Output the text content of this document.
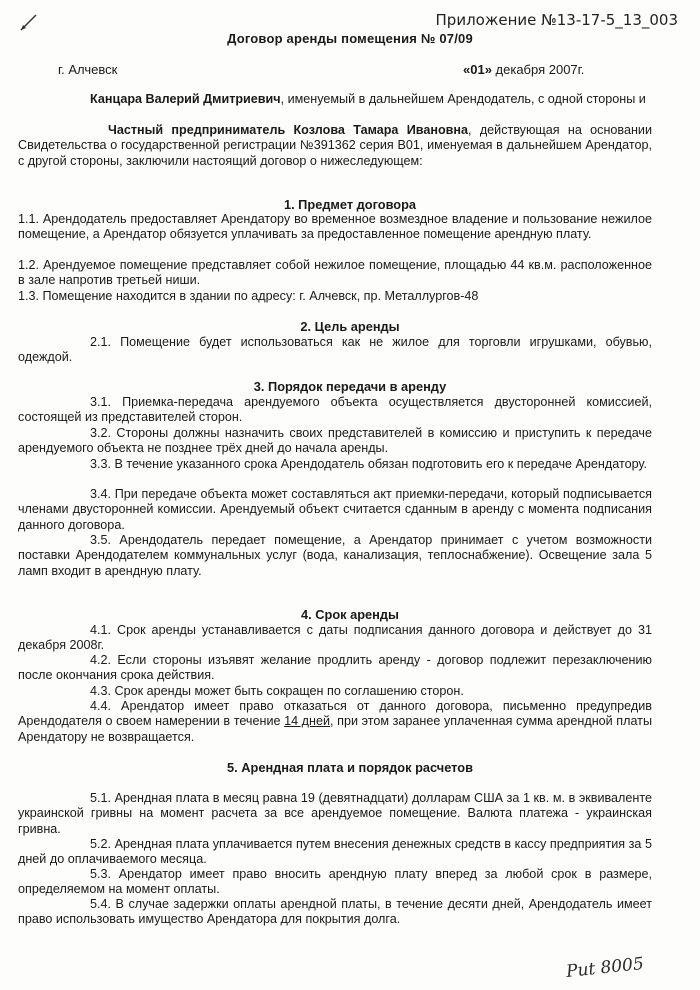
Приложение №13-17-5_13_003
Договор аренды помещения № 07/09
г. Алчевск	«01» декабря 2007г.
Канцара Валерий Дмитриевич, именуемый в дальнейшем Арендодатель, с одной стороны и
Частный предприниматель Козлова Тамара Ивановна, действующая на основании Свидетельства о государственной регистрации №391362 серия В01, именуемая в дальнейшем Арендатор, с другой стороны, заключили настоящий договор о нижеследующем:
1. Предмет договора
1.1. Арендодатель предоставляет Арендатору во временное возмездное владение и пользование нежилое помещение, а Арендатор обязуется уплачивать за предоставленное помещение арендную плату.
1.2. Арендуемое помещение представляет собой нежилое помещение, площадью 44 кв.м. расположенное в зале напротив третьей ниши.
1.3. Помещение находится в здании по адресу: г. Алчевск, пр. Металлургов-48
2. Цель аренды
2.1. Помещение будет использоваться как не жилое для торговли игрушками, обувью, одеждой.
3. Порядок передачи в аренду
3.1. Приемка-передача арендуемого объекта осуществляется двусторонней комиссией, состоящей из представителей сторон.
3.2. Стороны должны назначить своих представителей в комиссию и приступить к передаче арендуемого объекта не позднее трёх дней до начала аренды.
3.3. В течение указанного срока Арендодатель обязан подготовить его к передаче Арендатору.
3.4. При передаче объекта может составляться акт приемки-передачи, который подписывается членами двусторонней комиссии. Арендуемый объект считается сданным в аренду с момента подписания данного договора.
3.5. Арендодатель передает помещение, а Арендатор принимает с учетом возможности поставки Арендодателем коммунальных услуг (вода, канализация, теплоснабжение). Освещение зала 5 ламп входит в арендную плату.
4. Срок аренды
4.1. Срок аренды устанавливается с даты подписания данного договора и действует до 31 декабря 2008г.
4.2. Если стороны изъявят желание продлить аренду - договор подлежит перезаключению после окончания срока действия.
4.3. Срок аренды может быть сокращен по соглашению сторон.
4.4. Арендатор имеет право отказаться от данного договора, письменно предупредив Арендодателя о своем намерении в течение 14 дней, при этом заранее уплаченная сумма арендной платы Арендатору не возвращается.
5. Арендная плата и порядок расчетов
5.1. Арендная плата в месяц равна 19 (девятнадцати) долларам США за 1 кв. м. в эквиваленте украинской гривны на момент расчета за все арендуемое помещение. Валюта платежа - украинская гривна.
5.2. Арендная плата уплачивается путем внесения денежных средств в кассу предприятия за 5 дней до оплачиваемого месяца.
5.3. Арендатор имеет право вносить арендную плату вперед за любой срок в размере, определяемом на момент оплаты.
5.4. В случае задержки оплаты арендной платы, в течение десяти дней, Арендодатель имеет право использовать имущество Арендатора для покрытия долга.
Put 8005
